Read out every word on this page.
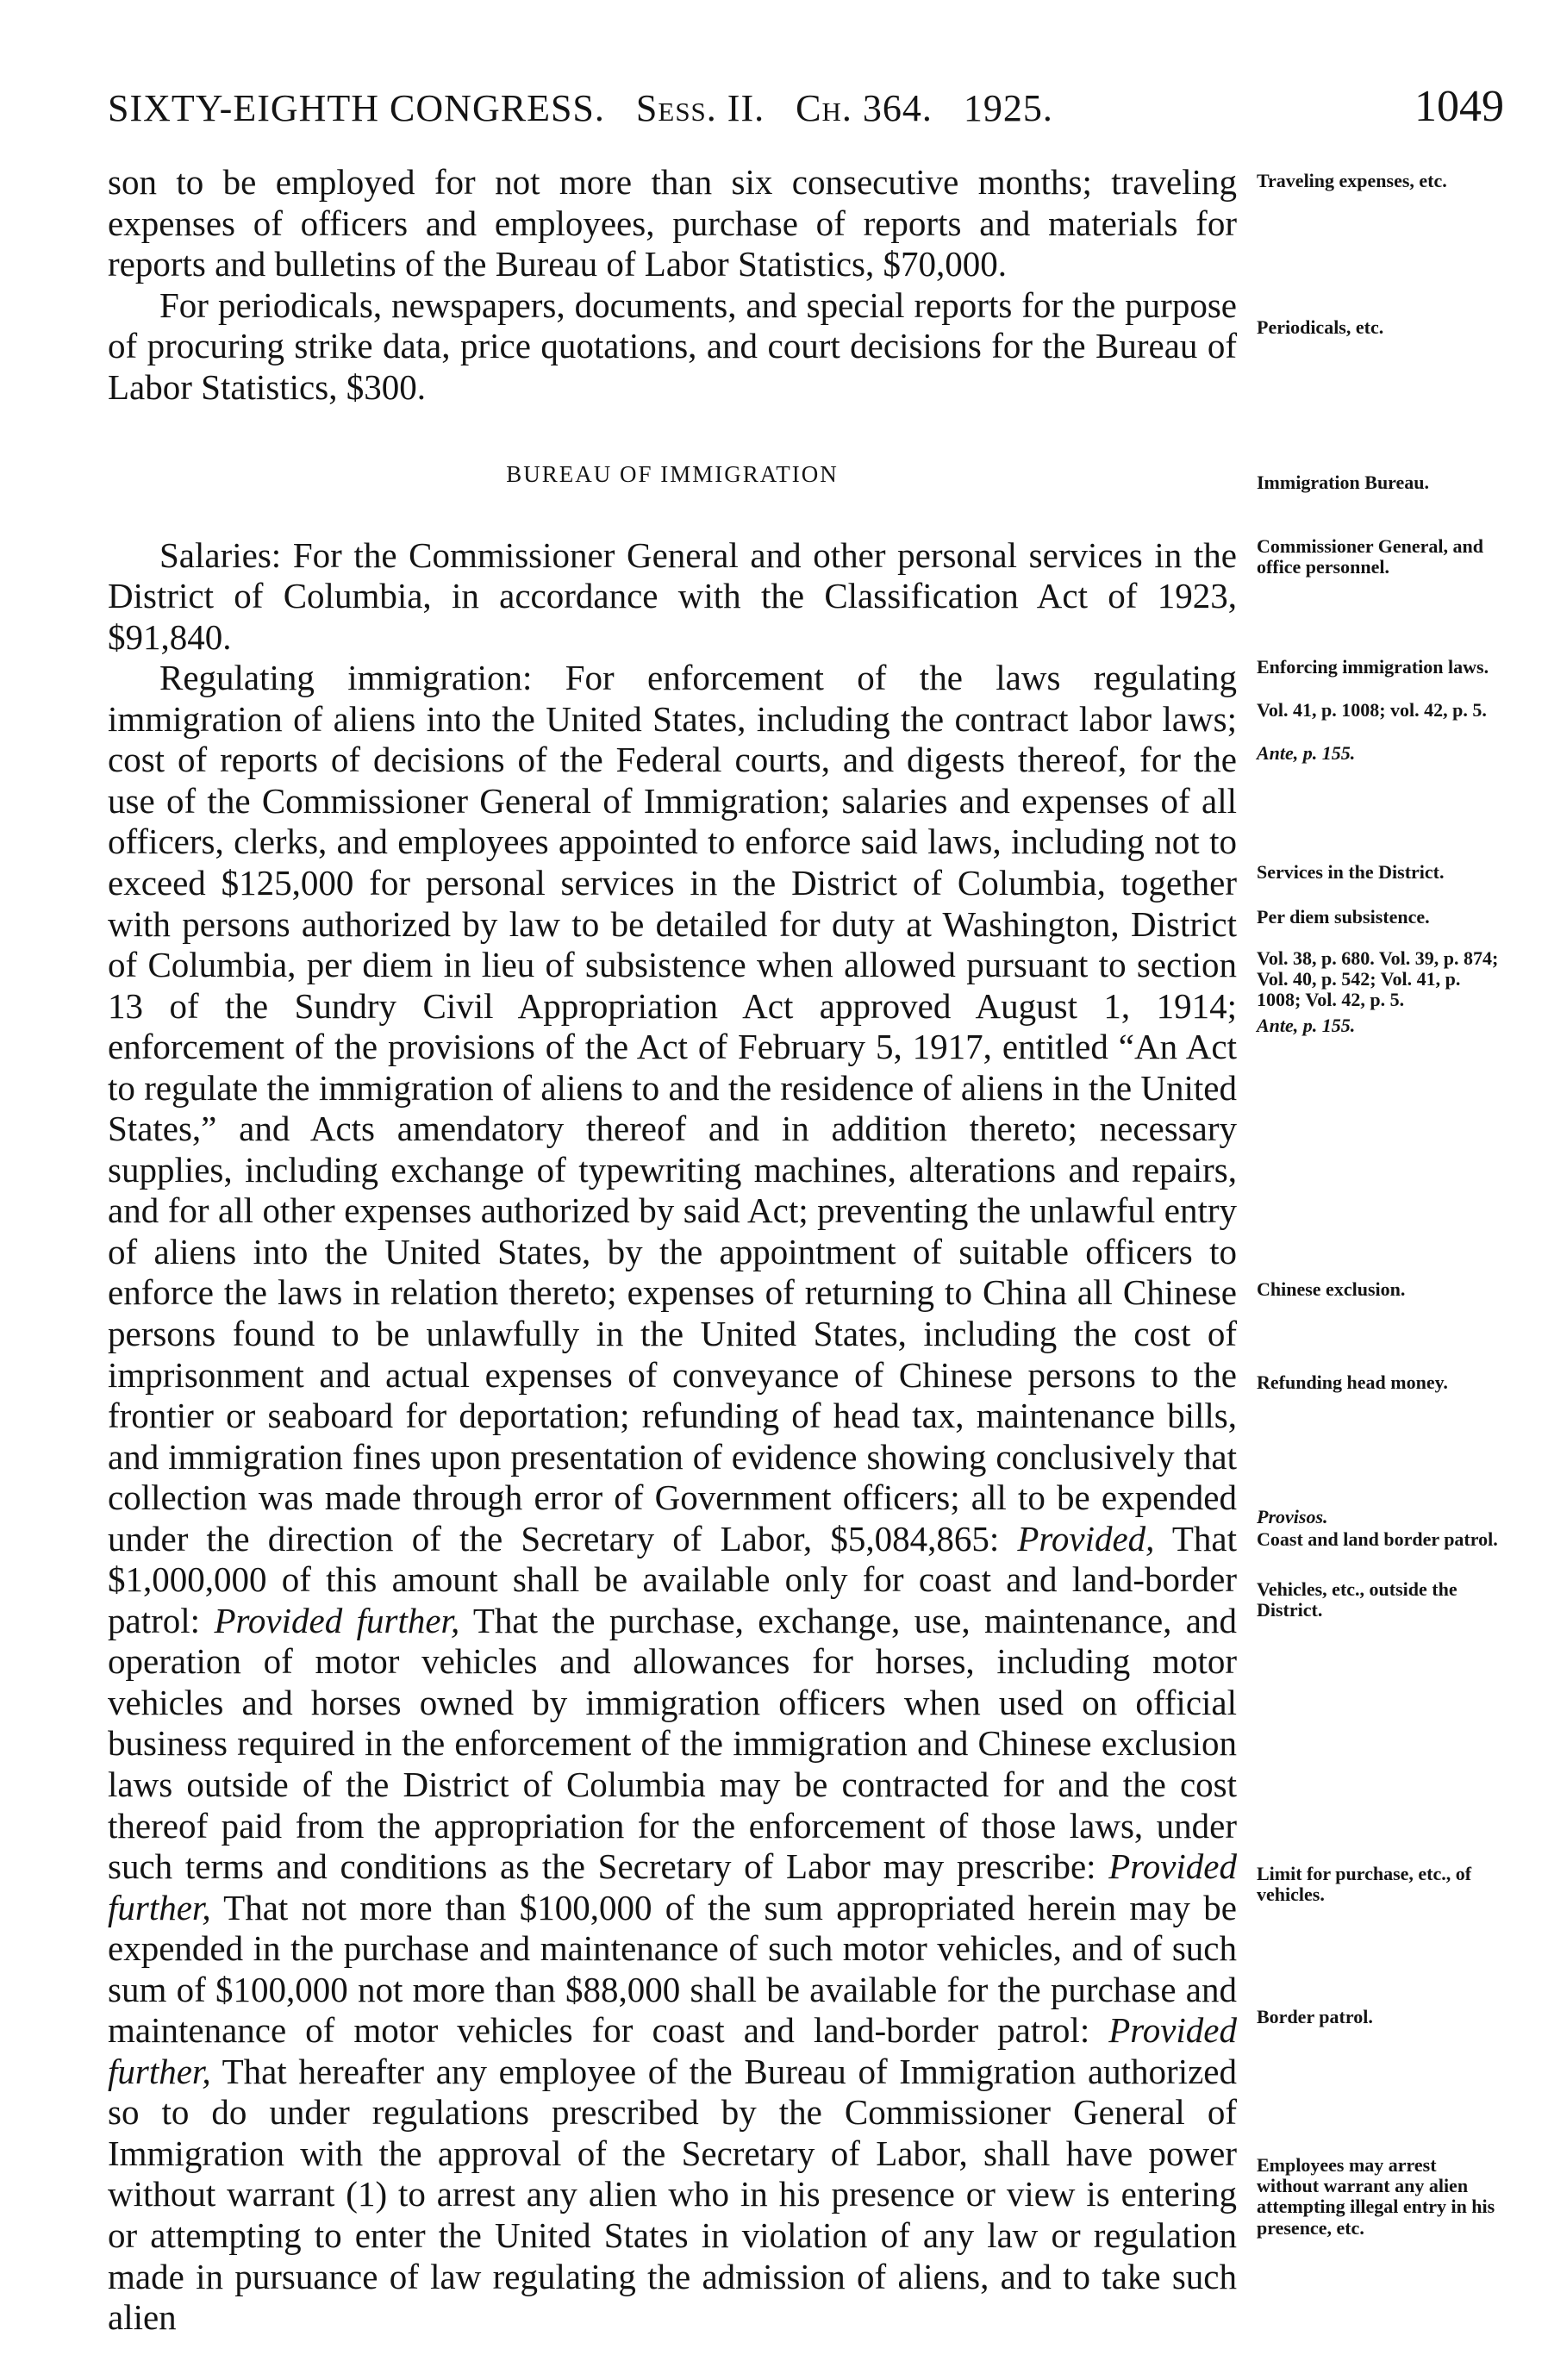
SIXTY-EIGHTH CONGRESS. Sess. II. Ch. 364. 1925.	1049

son to be employed for not more than six consecutive months; traveling expenses of officers and employees, purchase of reports and materials for reports and bulletins of the Bureau of Labor Statistics, $70,000.

For periodicals, newspapers, documents, and special reports for the purpose of procuring strike data, price quotations, and court decisions for the Bureau of Labor Statistics, $300.

BUREAU OF IMMIGRATION

Salaries: For the Commissioner General and other personal services in the District of Columbia, in accordance with the Classification Act of 1923, $91,840.

Regulating immigration: For enforcement of the laws regulating immigration of aliens into the United States, including the contract labor laws; cost of reports of decisions of the Federal courts, and digests thereof, for the use of the Commissioner General of Immigration; salaries and expenses of all officers, clerks, and employees appointed to enforce said laws, including not to exceed $125,000 for personal services in the District of Columbia, together with persons authorized by law to be detailed for duty at Washington, District of Columbia, per diem in lieu of subsistence when allowed pursuant to section 13 of the Sundry Civil Appropriation Act approved August 1, 1914; enforcement of the provisions of the Act of February 5, 1917, entitled “An Act to regulate the immigration of aliens to and the residence of aliens in the United States,” and Acts amendatory thereof and in addition thereto; necessary supplies, including exchange of typewriting machines, alterations and repairs, and for all other expenses authorized by said Act; preventing the unlawful entry of aliens into the United States, by the appointment of suitable officers to enforce the laws in relation thereto; expenses of returning to China all Chinese persons found to be unlawfully in the United States, including the cost of imprisonment and actual expenses of conveyance of Chinese persons to the frontier or seaboard for deportation; refunding of head tax, maintenance bills, and immigration fines upon presentation of evidence showing conclusively that collection was made through error of Government officers; all to be expended under the direction of the Secretary of Labor, $5,084,865: Provided, That $1,000,000 of this amount shall be available only for coast and land-border patrol: Provided further, That the purchase, exchange, use, maintenance, and operation of motor vehicles and allowances for horses, including motor vehicles and horses owned by immigration officers when used on official business required in the enforcement of the immigration and Chinese exclusion laws outside of the District of Columbia may be contracted for and the cost thereof paid from the appropriation for the enforcement of those laws, under such terms and conditions as the Secretary of Labor may prescribe: Provided further, That not more than $100,000 of the sum appropriated herein may be expended in the purchase and maintenance of such motor vehicles, and of such sum of $100,000 not more than $88,000 shall be available for the purchase and maintenance of motor vehicles for coast and land-border patrol: Provided further, That hereafter any employee of the Bureau of Immigration authorized so to do under regulations prescribed by the Commissioner General of Immigration with the approval of the Secretary of Labor, shall have power without warrant (1) to arrest any alien who in his presence or view is entering or attempting to enter the United States in violation of any law or regulation made in pursuance of law regulating the admission of aliens, and to take such alien

Traveling expenses, etc.
Periodicals, etc.
Immigration Bureau.
Commissioner General, and office personnel.
Enforcing immigration laws.
Vol. 41, p. 1008; vol. 42, p. 5.
Ante, p. 155.
Services in the District.
Per diem subsistence.
Vol. 38, p. 680. Vol. 39, p. 874; Vol. 40, p. 542; Vol. 41, p. 1008; Vol. 42, p. 5.
Ante, p. 155.
Chinese exclusion.
Refunding head money.
Provisos.
Coast and land border patrol.
Vehicles, etc., outside the District.
Limit for purchase, etc., of vehicles.
Border patrol.
Employees may arrest without warrant any alien attempting illegal entry in his presence, etc.
